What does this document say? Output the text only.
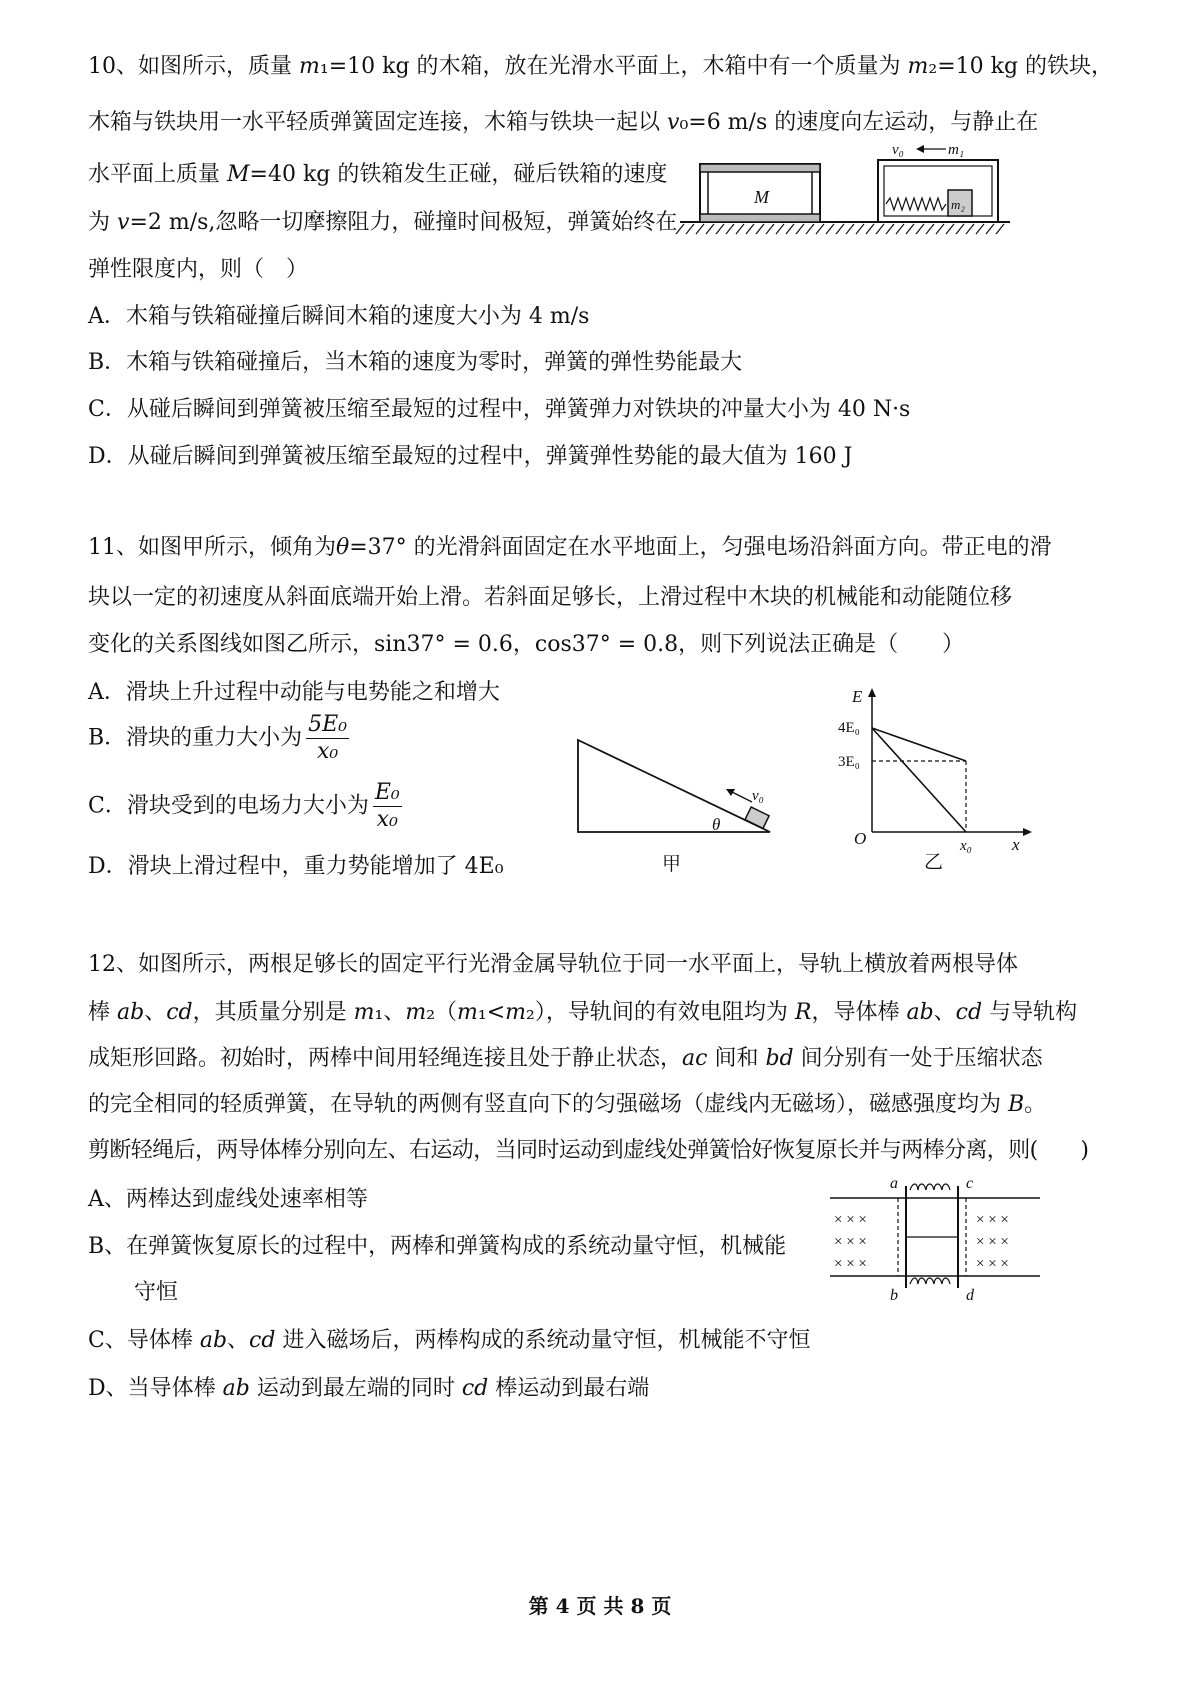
10、如图所示，质量 m₁=10 kg 的木箱，放在光滑水平面上，木箱中有一个质量为 m₂=10 kg 的铁块，
木箱与铁块用一水平轻质弹簧固定连接，木箱与铁块一起以 v₀=6 m/s 的速度向左运动，与静止在
水平面上质量 M=40 kg 的铁箱发生正碰，碰后铁箱的速度
为 v=2 m/s,忽略一切摩擦阻力，碰撞时间极短，弹簧始终在
弹性限度内，则（　）
A．木箱与铁箱碰撞后瞬间木箱的速度大小为 4 m/s
B．木箱与铁箱碰撞后，当木箱的速度为零时，弹簧的弹性势能最大
C．从碰后瞬间到弹簧被压缩至最短的过程中，弹簧弹力对铁块的冲量大小为 40 N·s
D．从碰后瞬间到弹簧被压缩至最短的过程中，弹簧弹性势能的最大值为 160 J
M	m₂
v₀	m₁
11、如图甲所示，倾角为θ=37° 的光滑斜面固定在水平地面上，匀强电场沿斜面方向。带正电的滑
块以一定的初速度从斜面底端开始上滑。若斜面足够长，上滑过程中木块的机械能和动能随位移
变化的关系图线如图乙所示，sin37° = 0.6，cos37° = 0.8，则下列说法正确是（　　）
A．滑块上升过程中动能与电势能之和增大
B．滑块的重力大小为 $\frac{\text{5E₀}}{\text{x₀}}$
C．滑块受到的电场力大小为 $\frac{\text{E₀}}{\text{x₀}}$
D．滑块上滑过程中，重力势能增加了 4E₀
θ
v₀
甲
E
x
O
4E₀
3E₀
x₀
乙
12、如图所示，两根足够长的固定平行光滑金属导轨位于同一水平面上，导轨上横放着两根导体
棒 ab、cd，其质量分别是 m₁、m₂（m₁<m₂），导轨间的有效电阻均为 R，导体棒 ab、cd 与导轨构
成矩形回路。初始时，两棒中间用轻绳连接且处于静止状态，ac 间和 bd 间分别有一处于压缩状态
的完全相同的轻质弹簧，在导轨的两侧有竖直向下的匀强磁场（虚线内无磁场），磁感强度均为 B。
剪断轻绳后，两导体棒分别向左、右运动，当同时运动到虚线处弹簧恰好恢复原长并与两棒分离，则(　　)
A、两棒达到虚线处速率相等
B、在弹簧恢复原长的过程中，两棒和弹簧构成的系统动量守恒，机械能
守恒
C、导体棒 ab、cd 进入磁场后，两棒构成的系统动量守恒，机械能不守恒
D、当导体棒 ab 运动到最左端的同时 cd 棒运动到最右端
a	c
b	d
× × ×
× × ×
× × ×
× × ×
× × ×
× × ×
第 4 页 共 8 页
